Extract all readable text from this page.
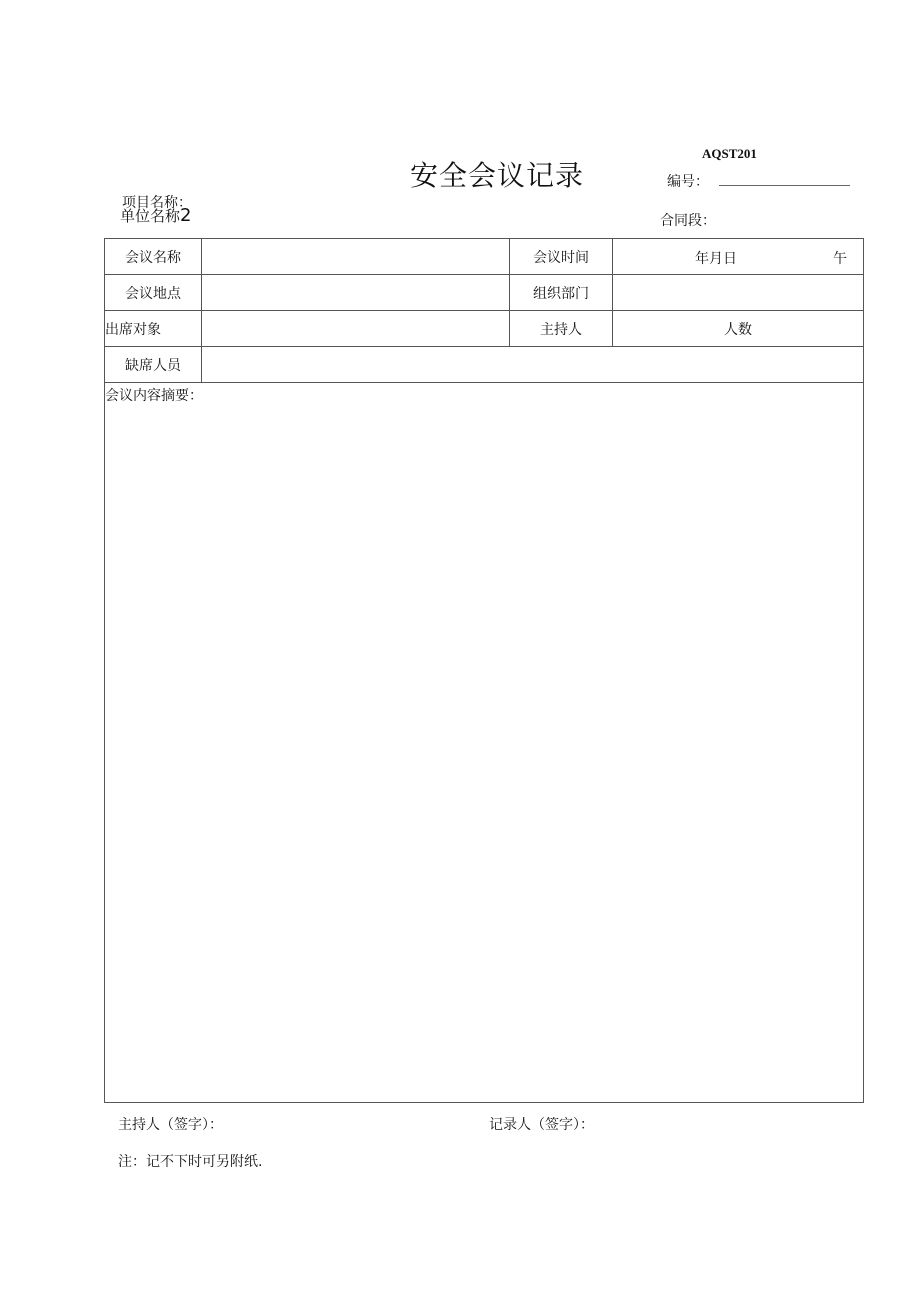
AQST201
安全会议记录	编号：
项目名称：
单位名称2	合同段：
会议名称		会议时间	年月日 午

会议地点		组织部门	
出席对象		主持人	人数
缺席人员			

会议内容摘要：			
主持人（签字）：	记录人（签字）：
注：记不下时可另附纸.
